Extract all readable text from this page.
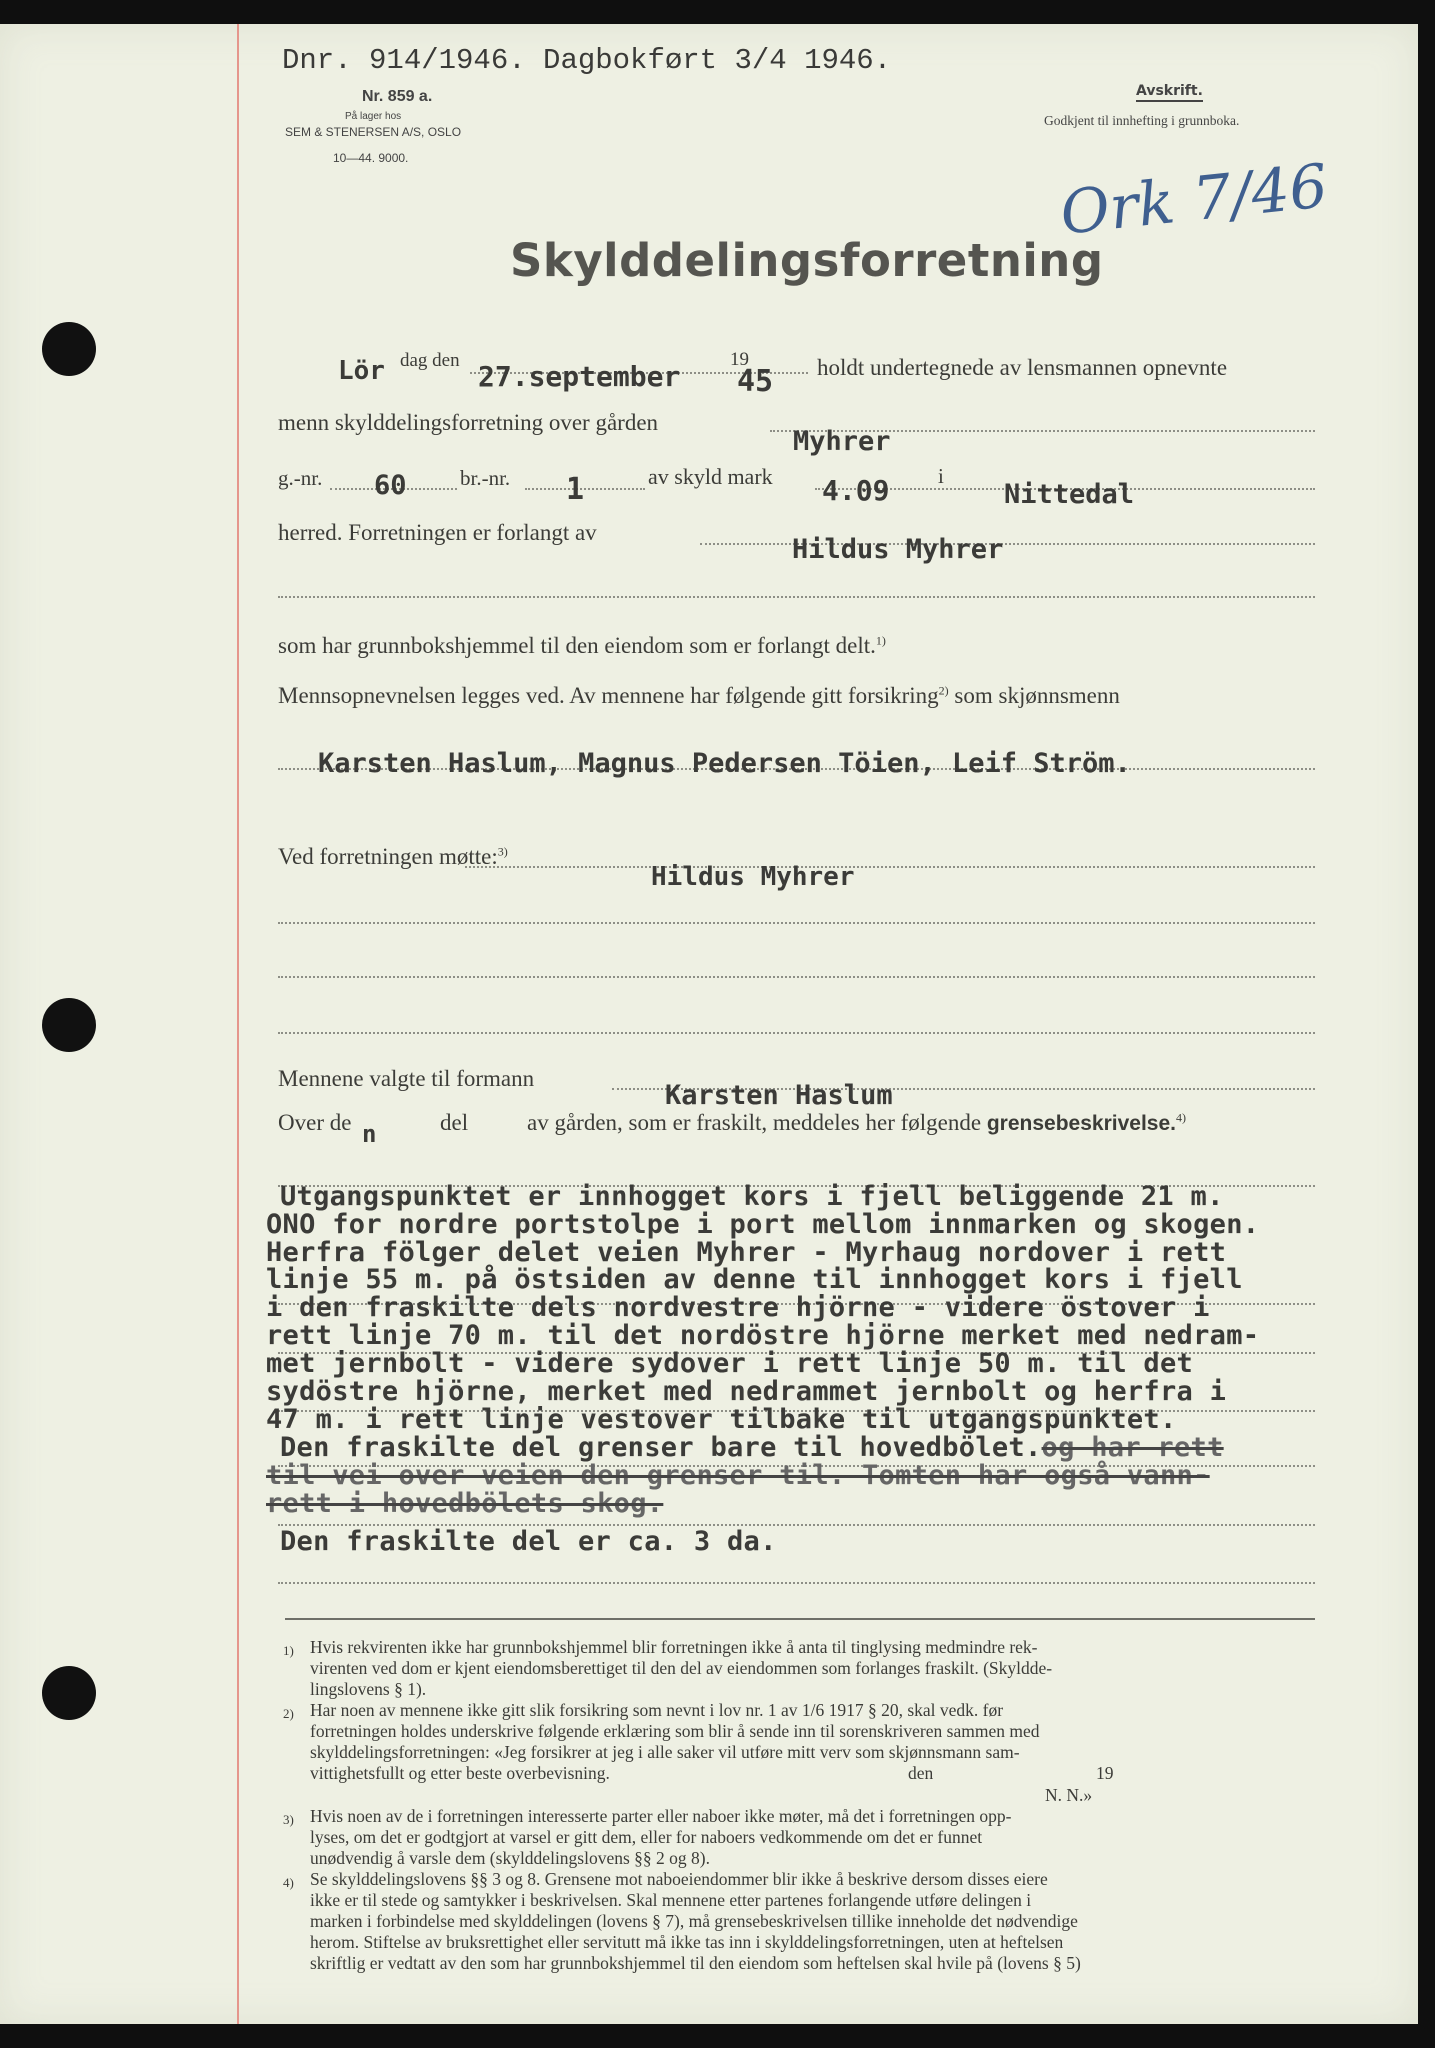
Dnr. 914/1946. Dagbokført 3/4 1946.
Nr. 859 a.
På lager hos
SEM & STENERSEN A/S, OSLO
10—44. 9000.
Avskrift.
Godkjent til innhefting i grunnboka.
Ork 7/46
Skylddelingsforretning
Lör dag den 27.september
19
45 holdt undertegnede av lensmannen opnevnte
menn skylddelingsforretning over gården
Myhrer
g.-nr. 60	br.-nr. 1	av skyld mark 4.09 i
Nittedal
herred. Forretningen er forlangt av
Hildus Myhrer
som har grunnbokshjemmel til den eiendom som er forlangt delt.$^{1)}$
Mennsopnevnelsen legges ved. Av mennene har følgende gitt forsikring$^{2)}$ som skjønnsmenn
Karsten Haslum, Magnus Pedersen Töien, Leif Ström.
Ved forretningen møtte:$^{3)}$
Hildus Myhrer
Mennene valgte til formann
Karsten Haslum
Over de n	del	av gården, som er fraskilt, meddeles her følgende grensebeskrivelse.$^{4)}$
Utgangspunktet er innhogget kors i fjell beliggende 21 m.
ONO for nordre portstolpe i port mellom innmarken og skogen.
Herfra fölger delet veien Myhrer - Myrhaug nordover i rett
linje 55 m. på östsiden av denne til innhogget kors i fjell
i den fraskilte dels nordvestre hjörne - videre östover i
rett linje 70 m. til det nordöstre hjörne merket med nedram-
met jernbolt - videre sydover i rett linje 50 m. til det
sydöstre hjörne, merket med nedrammet jernbolt og herfra i
47 m. i rett linje vestover tilbake til utgangspunktet.
Den fraskilte del grenser bare til hovedbölet.og har rett
til vei over veien den grenser til. Tomten har også vann-
rett i hovedbölets skog.
Den fraskilte del er ca. 3 da.
1) Hvis rekvirenten ikke har grunnbokshjemmel blir forretningen ikke å anta til tinglysing medmindre rek-
virenten ved dom er kjent eiendomsberettiget til den del av eiendommen som forlanges fraskilt. (Skyldde-
lingslovens § 1).
2) Har noen av mennene ikke gitt slik forsikring som nevnt i lov nr. 1 av 1/6 1917 § 20, skal vedk. før
forretningen holdes underskrive følgende erklæring som blir å sende inn til sorenskriveren sammen med
skylddelingsforretningen: «Jeg forsikrer at jeg i alle saker vil utføre mitt verv som skjønnsmann sam-
vittighetsfullt og etter beste overbevisning.	den	19
N. N.»
3) Hvis noen av de i forretningen interesserte parter eller naboer ikke møter, må det i forretningen opp-
lyses, om det er godtgjort at varsel er gitt dem, eller for naboers vedkommende om det er funnet
unødvendig å varsle dem (skylddelingslovens §§ 2 og 8).
4) Se skylddelingslovens §§ 3 og 8. Grensene mot naboeiendommer blir ikke å beskrive dersom disses eiere
ikke er til stede og samtykker i beskrivelsen. Skal mennene etter partenes forlangende utføre delingen i
marken i forbindelse med skylddelingen (lovens § 7), må grensebeskrivelsen tillike inneholde det nødvendige
herom. Stiftelse av bruksrettighet eller servitutt må ikke tas inn i skylddelingsforretningen, uten at heftelsen
skriftlig er vedtatt av den som har grunnbokshjemmel til den eiendom som heftelsen skal hvile på (lovens § 5)
